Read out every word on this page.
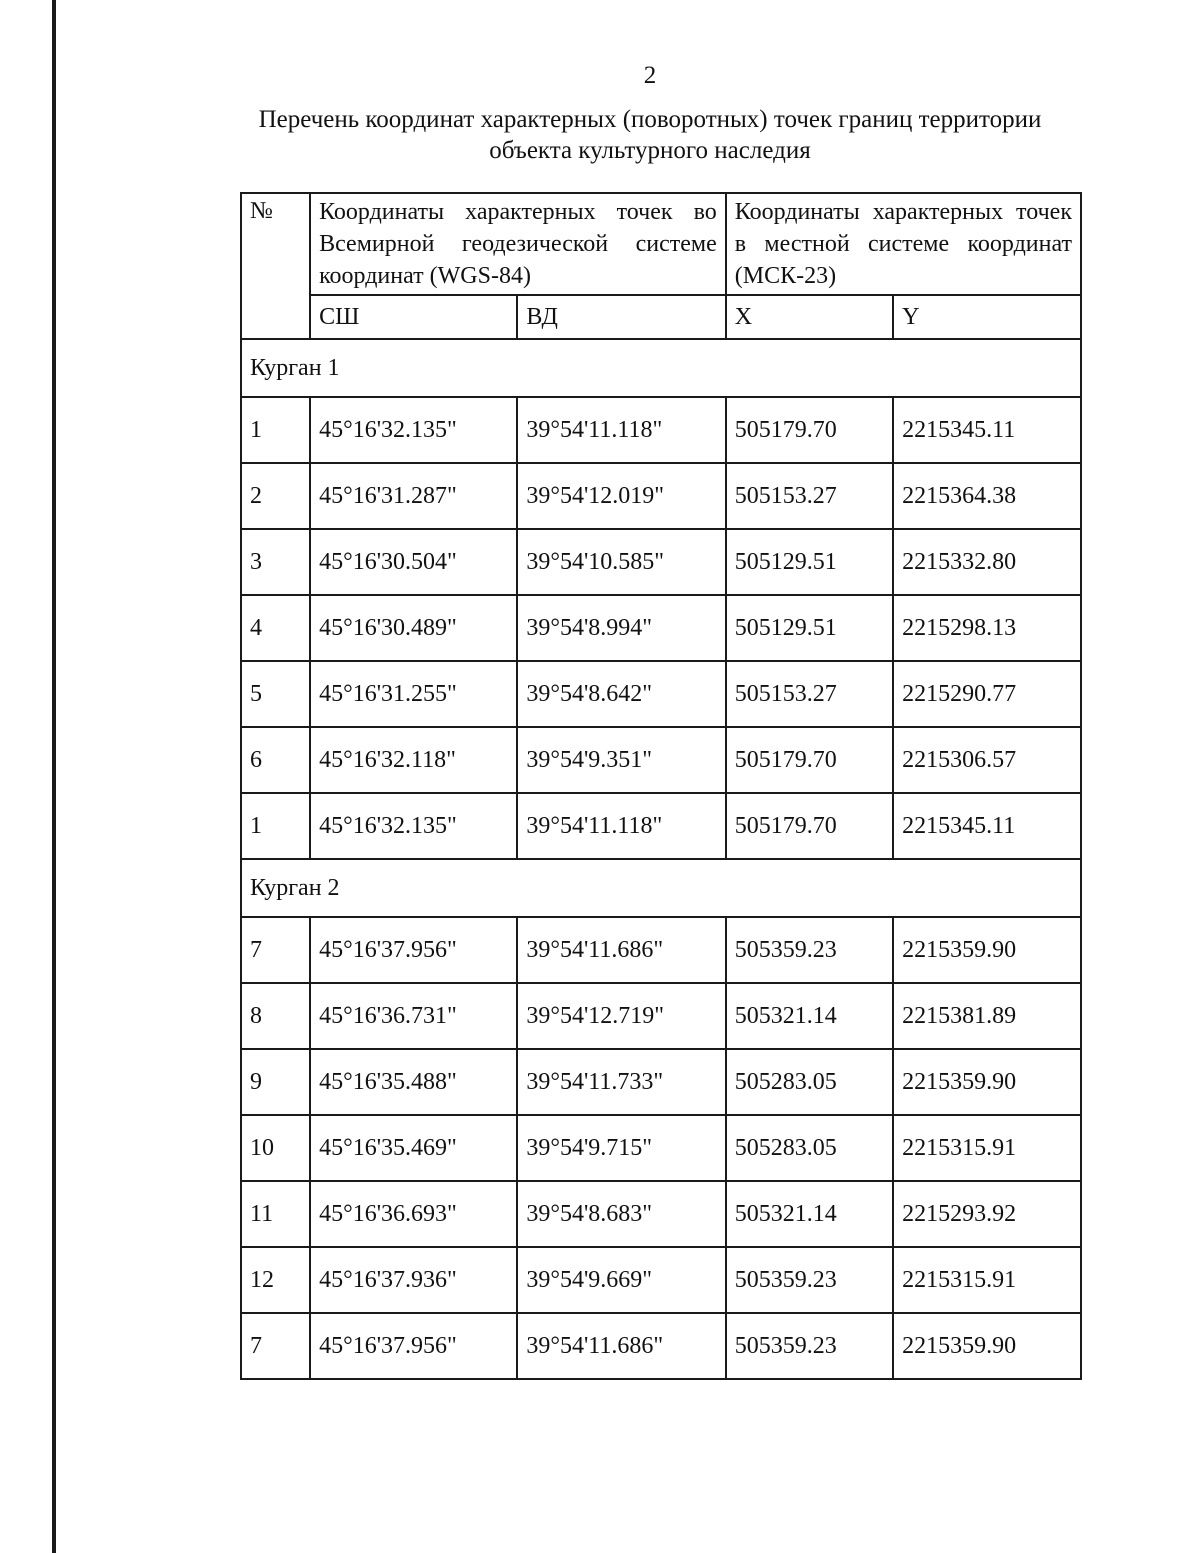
2
Перечень координат характерных (поворотных) точек границ территории
объекта культурного наследия
№	Координаты характерных точек во Всемирной геодезической системе координат (WGS-84)		Координаты характерных точек в местной системе координат (МСК-23)	
	СШ	ВД	X	Y
Курган 1				
1	45°16'32.135"	39°54'11.118"	505179.70	2215345.11
2	45°16'31.287"	39°54'12.019"	505153.27	2215364.38
3	45°16'30.504"	39°54'10.585"	505129.51	2215332.80
4	45°16'30.489"	39°54'8.994"	505129.51	2215298.13
5	45°16'31.255"	39°54'8.642"	505153.27	2215290.77
6	45°16'32.118"	39°54'9.351"	505179.70	2215306.57
1	45°16'32.135"	39°54'11.118"	505179.70	2215345.11
Курган 2				
7	45°16'37.956"	39°54'11.686"	505359.23	2215359.90
8	45°16'36.731"	39°54'12.719"	505321.14	2215381.89
9	45°16'35.488"	39°54'11.733"	505283.05	2215359.90
10	45°16'35.469"	39°54'9.715"	505283.05	2215315.91
11	45°16'36.693"	39°54'8.683"	505321.14	2215293.92
12	45°16'37.936"	39°54'9.669"	505359.23	2215315.91
7	45°16'37.956"	39°54'11.686"	505359.23	2215359.90
